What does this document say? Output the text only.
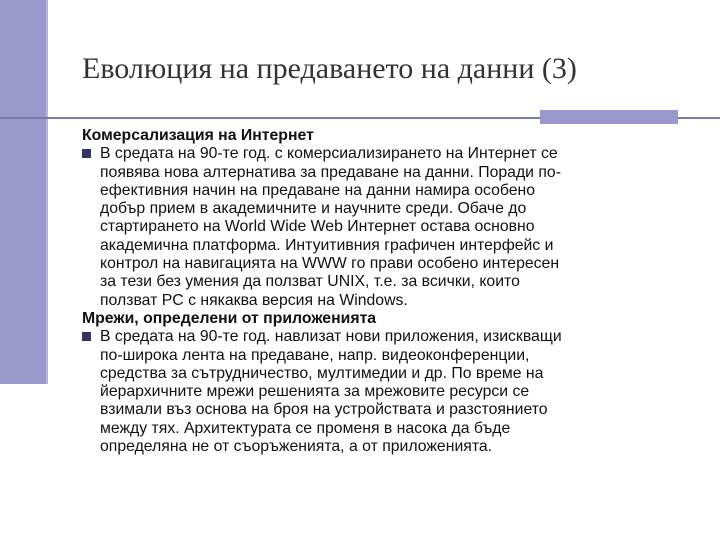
Еволюция на предаването на данни (3)
Комерсализация на Интернет
В средата на 90-те год. с комерсиализирането на Интернет се
появява нова алтернатива за предаване на данни. Поради по-
ефективния начин на предаване на данни намира особено
добър прием в академичните и научните среди. Обаче до
стартирането на World Wide Web Интернет остава основно
академична платформа. Интуитивния графичен интерфейс и
контрол на навигацията на WWW го прави особено интересен
за тези без умения да ползват UNIX, т.е. за всички, които
ползват PC с някаква версия на Windows.
Мрежи, определени от приложенията
В средата на 90-те год. навлизат нови приложения, изискващи
по-широка лента на предаване, напр. видеоконференции,
средства за сътрудничество, мултимедии и др. По време на
йерархичните мрежи решенията за мрежовите ресурси се
взимали въз основа на броя на устройствата и разстоянието
между тях. Архитектурата се променя в насока да бъде
определяна не от съоръженията, а от приложенията.
